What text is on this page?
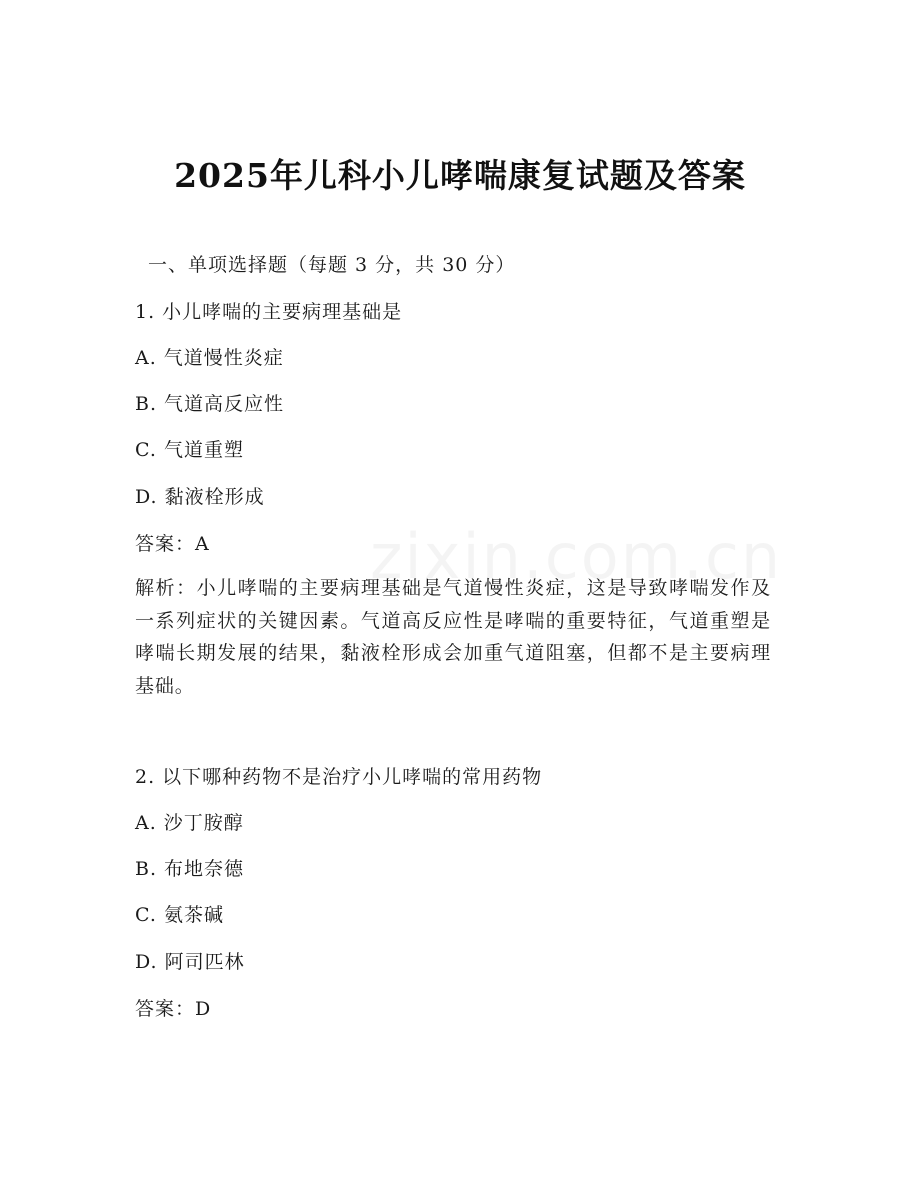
2025年儿科小儿哮喘康复试题及答案
一、单项选择题（每题 3 分，共 30 分）
1. 小儿哮喘的主要病理基础是
A. 气道慢性炎症
B. 气道高反应性
C. 气道重塑
D. 黏液栓形成
答案：A
解析：小儿哮喘的主要病理基础是气道慢性炎症，这是导致哮喘发作及一系列症状的关键因素。气道高反应性是哮喘的重要特征，气道重塑是哮喘长期发展的结果，黏液栓形成会加重气道阻塞，但都不是主要病理基础。
2. 以下哪种药物不是治疗小儿哮喘的常用药物
A. 沙丁胺醇
B. 布地奈德
C. 氨茶碱
D. 阿司匹林
答案：D
